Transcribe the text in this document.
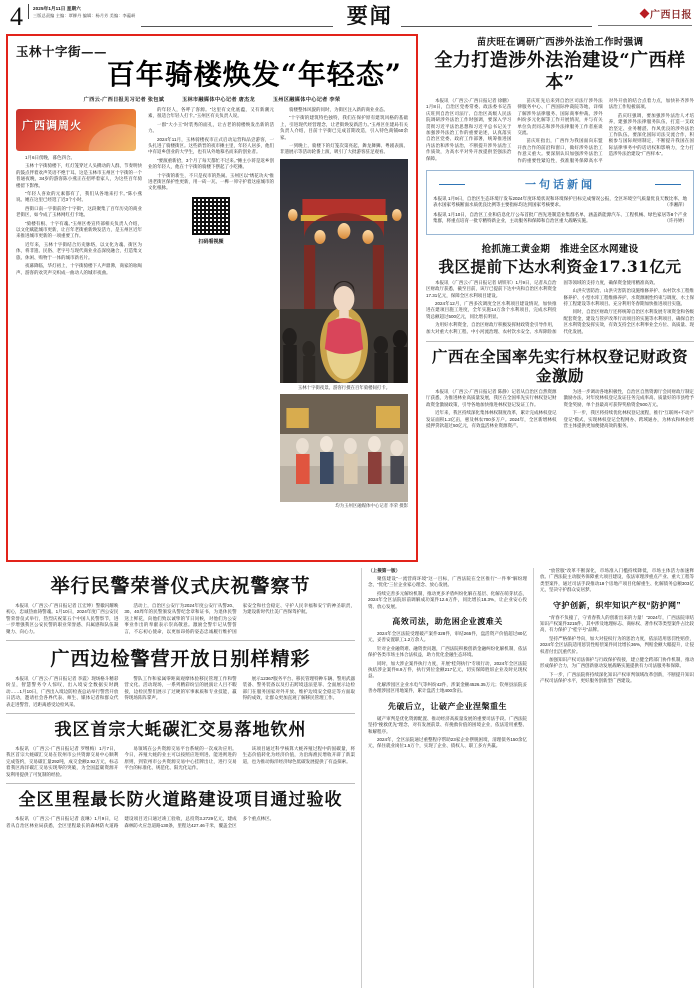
4	2025年1月11日 星期六
三版总责编 主编：覃柳丹 编辑：杨月芳 美编：李蕴岍	要闻	广西日报
玉林十字街——
百年骑楼焕发“年轻态”
广西云-广西日报见习记者 张包斌	玉林市融媒体中心记者 唐杰龙	玉州区融媒体中心记者 李荣
广西调周火

1月6日傍晚，暮色四合。

玉林十字街骑楼下，红灯笼穿过人头攒动的人群，节奏明快的鼓点伴着欢声笑语不绝于耳。这是玉林市玉州区十字街的一个普通夜晚，34岁的游客陈小燕正在招呼着家人，为这些百年骑楼留下影像。

“年轻人喜欢的元素都有了，我们从各地来打卡。”陈小燕说。她在这里已经逛了近3个小时。

西街口南一字街前的“十字街”，这段聚集了百年历史的商业老街区，如今成了玉林网红打卡地。

“骑楼有根、十字有魂。”玉州区委宣传部相关负责人介绍，以文化赋能城市更新，让百年老街重新焕发活力，是玉州区近年来推进城市更新的一项重要工作。

近年来，玉林十字街结合历史脉络，以文化为魂、街区为体，将非遗、民俗、老字号与现代商业业态深度融合，打造集文旅、休闲、购物于一体的城市新名片。

夜幕降临，华灯初上，十字街骑楼下人声鼎沸，商家的吆喝声、游客的欢笑声交织成一曲动人的城市夜曲。

的年轻人，各呼了客源。“这里有文化底蕴，又有新潮元素，很适合年轻人打卡。”玉州区有关负责人说。

一群“大小王”时装秀的面孔，让古老的骑楼焕发出新的活力。

2024年11月，玉林骑楼夜市正式启动运营和品尝游客，一头扎进了骑楼街区。这些新晋的夜市摊主里，年轻人居多，他们中有返乡创业的大学生，也有从外地慕名而来的创业者。

“要演重新拾，3个月了每天都忙不过来。”摊主小蒋是返乡创业的年轻人，他在十字街的骑楼下摆起了小吃摊。

十字街的新生，不只是夜市的热闹。玉州区以“绣花功夫”推进老街区保护性更新，用一砖一瓦、一榫一卯守护着这座城市的文化根脉。

扫码看视频

骑楼整体风貌的同时，为街区注入新的商业业态。

“十字街的建筑特色独特，我们在保护原有建筑风格的基础上，引进现代经营理念，让老街焕发新活力。”玉州区住建局有关负责人介绍，目前十字街已完成首期改造，引入特色商铺60余家。

一到晚上，骑楼下的灯笼次第亮起，舞龙舞狮、粤剧表演、非遗展示等活动轮番上演，吸引了大批游客驻足观看。

玉林十字街夜景。游客行摄在百年骑楼间打卡。
均为玉州区融媒体中心记者 李荣 摄影
苗庆旺在调研广西涉外法治工作时强调
全力打造涉外法治建设“广西样本”

本报讯 （广西云-广西日报记者 徐鹏）1月8日，自治区党委常委、政法委书记苗庆旺到自治区司法厅、自治区高级人民法院调研涉外法治工作时强调，要深入学习贯彻习近平法治思想和习近平总书记关于加强涉外法治工作的重要论述，认真落实自治区党委、政府工作部署，统筹推进国内法治和涉外法治，不断提升涉外法治工作质效，为高水平对外开放提供坚强法治保障。

苗庆旺先后来到自治区司法厅涉外法律服务中心、广西国际仲裁院等地，详细了解涉外法律服务、国际商事仲裁、涉外纠纷多元化解等工作开展情况，并与有关单位负责同志和涉外法律服务工作者座谈交流。

苗庆旺指出，广西作为我国面向东盟开放合作的前沿和窗口，做好涉外法治工作意义重大。要深刻认识加强涉外法治工作的重要性紧迫性，找准服务保障高水平对外开放的结合点着力点，加快补齐涉外法治工作短板弱项。

苗庆旺强调，要加强涉外法治人才培养，建强涉外法律服务队伍，打造一支政治坚定、业务精湛、作风优良的涉外法治工作队伍。要深化国际司法交流合作，积极参与国际规则制定，不断提升我国在国际法律事务中的话语权和影响力，全力打造涉外法治建设“广西样本”。

一句话新闻
本报讯 1月9日，自治区生态环境厅发布2024年度环境状况和环境保护目标完成情况公报，全区环境空气质量优良天数比率、地表水国家考核断面水质优良比例等主要指标均达到国家考核要求。	（李湘萍）
本报讯 1月10日，自治区工业和信息化厅公布首批广西先进制造业集群名单，涵盖新能源汽车、工程机械、绿色家居等8个产业集群，将重点培育一批专精特新企业，主动服务和保障和自治区重大战略实施。	（许丹婷）
抢抓施工黄金期　推进全区水网建设
我区提前下达水利资金17.31亿元

本报讯 （广西云-广西日报记者 胡铁军）1月9日，记者从自治区财政厅获悉，截至目前，该厅已提前下达中央和自治区水利资金17.31亿元，保障全区水利项目建设。

2024年12月，广西多次调度全区水利项目建设情况，加快推进在建项目施工进度，全年实施14万余个水利项目，完成水利投资总额超过500亿元，同比增长明显。

为用好水利资金，自治区财政厅积极发挥财政资金引导作用，加大对重大水利工程、中小河流治理、农村饮水安全、水库除险加固等领域的支持力度，确保资金使用精准高效。

山洪灾害防治、山洪灾害防治设施维修养护、农村饮水工程维修养护、小型水库工程维修养护、水资源刚性约束与调度、水土保持工程建设等水利项目。充分利用冬春期加快推进项目实施。

同时，自治区财政厅还将统筹自治区水利发展专项资金和各级配套资金，建设与管护改革行动项目的实施等水利项目，确保自治区水利资金发挥实效，有效支持全区水利事业全方位、高质量、现代化发展。

广西在全国率先实行林权登记财政资金激励

本报讯 （广西云-广西日报记者 陈静）记者从自治区自然资源厅获悉，为推进林业高质量发展，我区在全国率先实行林权登记财政资金激励政策，引导各地加快推进林权登记发证工作。

近年来，我区持续深化集体林权制度改革，累计完成林权登记发证面积1.2亿亩，惠及林农700多万户。2024年，全区新增林权抵押贷款超过50亿元，有效盘活林业资源资产。

为进一步调动各地积极性，自治区自然资源厅会同财政厅制定激励办法，对年度林权登记发证任务完成率高、质量好的市县给予资金奖励，单个县最高可获得奖励资金500万元。

下一步，我区将持续优化林权登记流程，推行“互联网+不动产登记”模式，实现林权登记全程网办、跨域通办，为林农和林业经营主体提供更加便捷高效的服务。

举行民警荣誉仪式庆祝警察节

本报讯 （广西云-广西日报记者 江宏坤）警徽闪耀映初心，忠诚热血铸警魂。1月10日，2024年度广西公安民警荣誉仪式举行，热烈庆祝第五个中国人民警察节，进一步增强我区公安民警的职业荣誉感、归属感和队伍凝聚力、向心力。

活动上，自治区公安厅为2024年度公安厅从警20、30、40周年的民警颁发从警纪念章和证书，为退休民警送上鲜花，向他们致以诚挚的节日问候，对他们为公安事业作出的奉献表示崇高敬意。激励全警牢记从警誓言，不忘初心使命，以更加昂扬的姿态忠诚履行维护国家安全和社会稳定、守护人民幸福和安宁的神圣职责，为建设新时代壮美广西保驾护航。

广西边检警营开放日别样精彩

本报讯 （广西云-广西日报记者 李震）现场格斗精彩纷呈，智慧警务令人惊叹，出入境安全数据实时跳动……1月10日，广西出入境边防检查总站举行警营开放日活动，邀请社会各界代表、师生、媒体记者和群众代表走进警营，近距离感受边检风采。

警队工作和家属零距离观摩体验移民管理工作和警营文化。活动现场，一系列精彩纷呈的展演让人目不暇接，边检民警们展示了过硬的军事素质和专业技能，赢得现场阵阵掌声。

展示12367服务平台、移民管理特种车辆、警用武器装备、警务装备以及打击跨境违法犯罪、全面展示边检部门在服务国家对外开放、维护边境安全稳定等方面取得的成效，让群众更加直观了解移民管理工作。

我区首宗大蚝碳汇交易落地钦州

本报讯 （广西云-广西日报记者 罗继梅）1月7日，我区首宗大蚝碳汇交易在钦州市公共资源交易中心顺利完成签约，交易碳汇量292吨，成交金额2.92万元，标志着我区海洋碳汇交易实现零的突破，为全国蓝碳资源开发利用提供了可复制的经验。

易领域在公共资源交易平台系统的一次成功应用。今日，养殖大蚝的业主可以按照应进则进、能进则进的原则，到钦州市公共资源交易中心挂牌出让，进行交易平台的标准化、规范化、阳光化运作。

该项目通过科学核算大蚝养殖过程中的固碳量，将生态价值转化为经济价值，为沿海渔民增收开辟了新渠道，也为推动海洋经济绿色低碳发展提供了有益探索。

全区里程最长防火道路建设项目通过验收

本报讯 （广西云-广西日报记者 袁琳）1月9日，记者从自治区林业局获悉，全区里程最长的森林防火道路建设项目近日通过竣工验收，总投资3.2729亿元，建成森林防火应急道路130条，里程达427.46千米，覆盖全区多个重点林区。

（上接第一版）

聚焦建设“一流营商环境”这一目标，广西法院在全区推行“一件事”解纷理念，“优化”三位企业家心理念、放心发展。

持续完善多元解纷机制，推动更多矛盾纠纷化解在基层、化解在萌芽状态，2024年全区法院诉前调解成功案件12.6万件，同比增长18.3%，让企业安心投资、放心发展。

高效司法，助危困企业渡难关

2024年全区法院受理破产案件328件，审结265件，盘活资产价值超过80亿元，妥善安置职工1.2万余人。

针对企业融资难、融资贵问题，广西法院积极创新金融纠纷化解机制，依法保护各类市场主体合法权益，助力优化金融生态环境。

同时，加大涉企案件执行力度，开展“桂剑执行”专项行动，2024年全区法院执结涉企案件8.9万件，执行到位金额217亿元，切实保障胜诉企业及时兑现权益。

化解涉园区企业水电气等纠纷42件，涉案金额4526.35万元；钦州县法院妥善办理涉园区用地案件，累计盘活土地400余亩。

先破后立，让破产企业涅槃重生

破产审判是优化资源配置、推动经济高质量发展的重要司法手段。广西法院坚持“挽救优先”理念，对有发展前景、有挽救价值的困境企业，依法适用重整、和解程序。

2024年，全区法院通过重整程序帮助23家企业摆脱困境，清理债务150余亿元，保住就业岗位1.5万个，实现了企业、债权人、职工多方共赢。

“放管服”改革不断深化，市场准入门槛持续降低，市场主体活力加速释放。广西法院主动服务保障重大项目建设，依法审理涉重点产业、重大工程等类型案件，通过司法手段推动18个房地产项目化解重生、化解债务总额303亿元，坚决守护群众安居梦。

守护创新，织牢知识产权“防护网”

“青春不负撞了，守青春我人的创新出来的力量！”2024年，广西法院审结知识产权案件3215件，其中涉及地理标志、商标权、著作权等类型案件占比较高，有力保护了“桂字号”品牌。

坚持严格保护导向，加大对侵权行为的惩治力度，依法适用惩罚性赔偿，2024年全区法院适用惩罚性赔偿案件同比增长36%，判赔金额大幅提升，让侵权者付出沉重代价。

加强知识产权司法保护与行政保护衔接，建立健全跨部门协作机制，推动形成保护合力，为广西创新驱动发展战略实施提供有力司法服务和保障。

下一步，广西法院将持续深化知识产权审判领域改革创新，不断提升知识产权司法保护水平，更好服务创新型广西建设。
